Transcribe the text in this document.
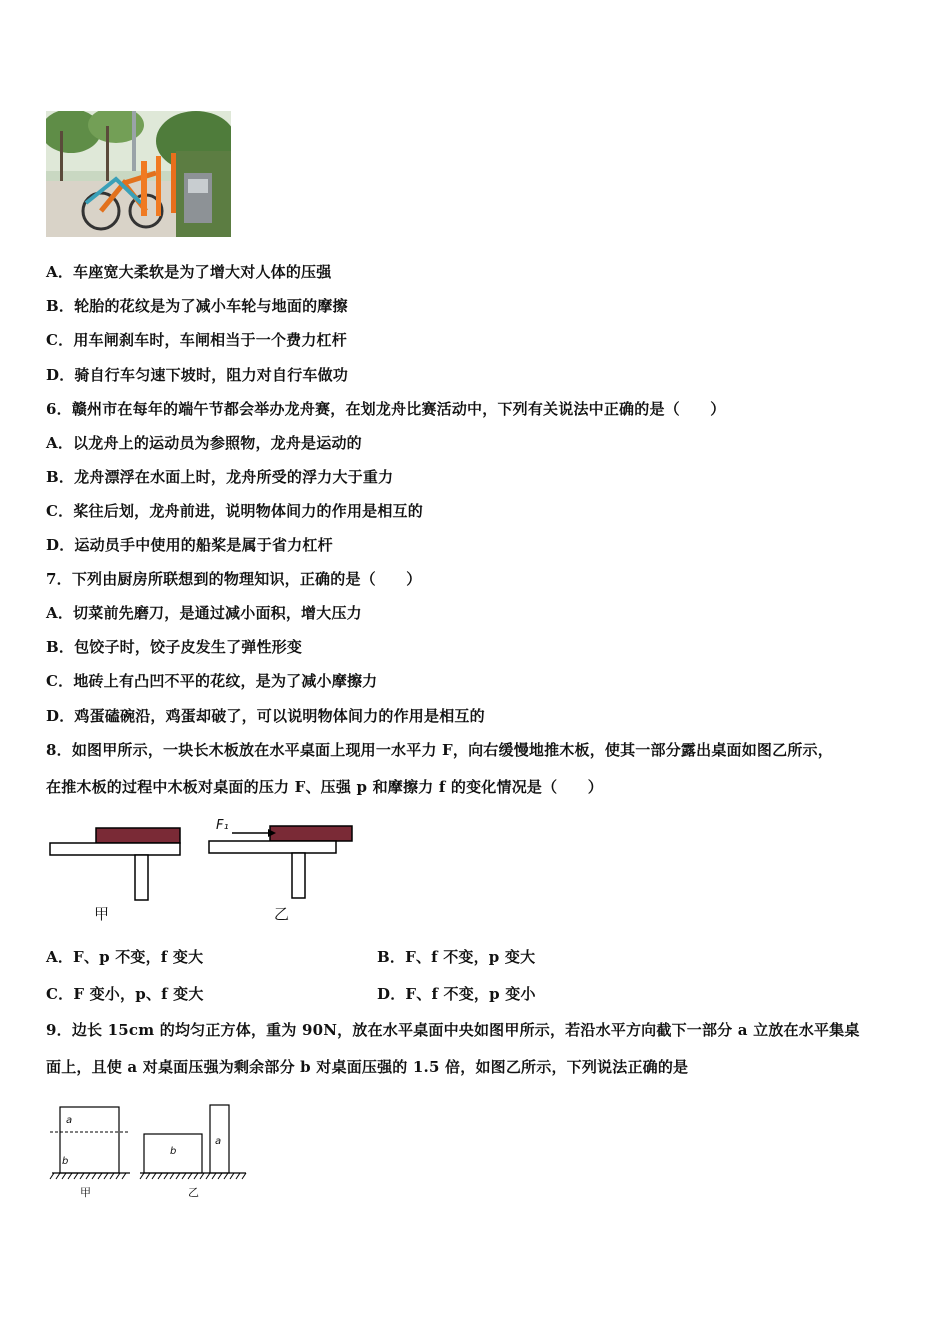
A．车座宽大柔软是为了增大对人体的压强
B．轮胎的花纹是为了减小车轮与地面的摩擦
C．用车闸刹车时，车闸相当于一个费力杠杆
D．骑自行车匀速下坡时，阻力对自行车做功
6．赣州市在每年的端午节都会举办龙舟赛，在划龙舟比赛活动中，下列有关说法中正确的是（　　）
A．以龙舟上的运动员为参照物，龙舟是运动的
B．龙舟漂浮在水面上时，龙舟所受的浮力大于重力
C．桨往后划，龙舟前进，说明物体间力的作用是相互的
D．运动员手中使用的船桨是属于省力杠杆
7．下列由厨房所联想到的物理知识，正确的是（　　）
A．切菜前先磨刀，是通过减小面积，增大压力
B．包饺子时，饺子皮发生了弹性形变
C．地砖上有凸凹不平的花纹，是为了减小摩擦力
D．鸡蛋磕碗沿，鸡蛋却破了，可以说明物体间力的作用是相互的
8．如图甲所示，一块长木板放在水平桌面上现用一水平力 F，向右缓慢地推木板，使其一部分露出桌面如图乙所示，
在推木板的过程中木板对桌面的压力 F、压强 p 和摩擦力 f 的变化情况是（　　）
F₁
甲	乙
A．F、p 不变，f 变大	B．F、f 不变，p 变大
C．F 变小，p、f 变大	D．F、f 不变，p 变小
9．边长 15cm 的均匀正方体，重为 90N，放在水平桌面中央如图甲所示，若沿水平方向截下一部分 a 立放在水平集桌
面上，且使 a 对桌面压强为剩余部分 b 对桌面压强的 1.5 倍，如图乙所示，下列说法正确的是
a
b
b
a
甲	乙
